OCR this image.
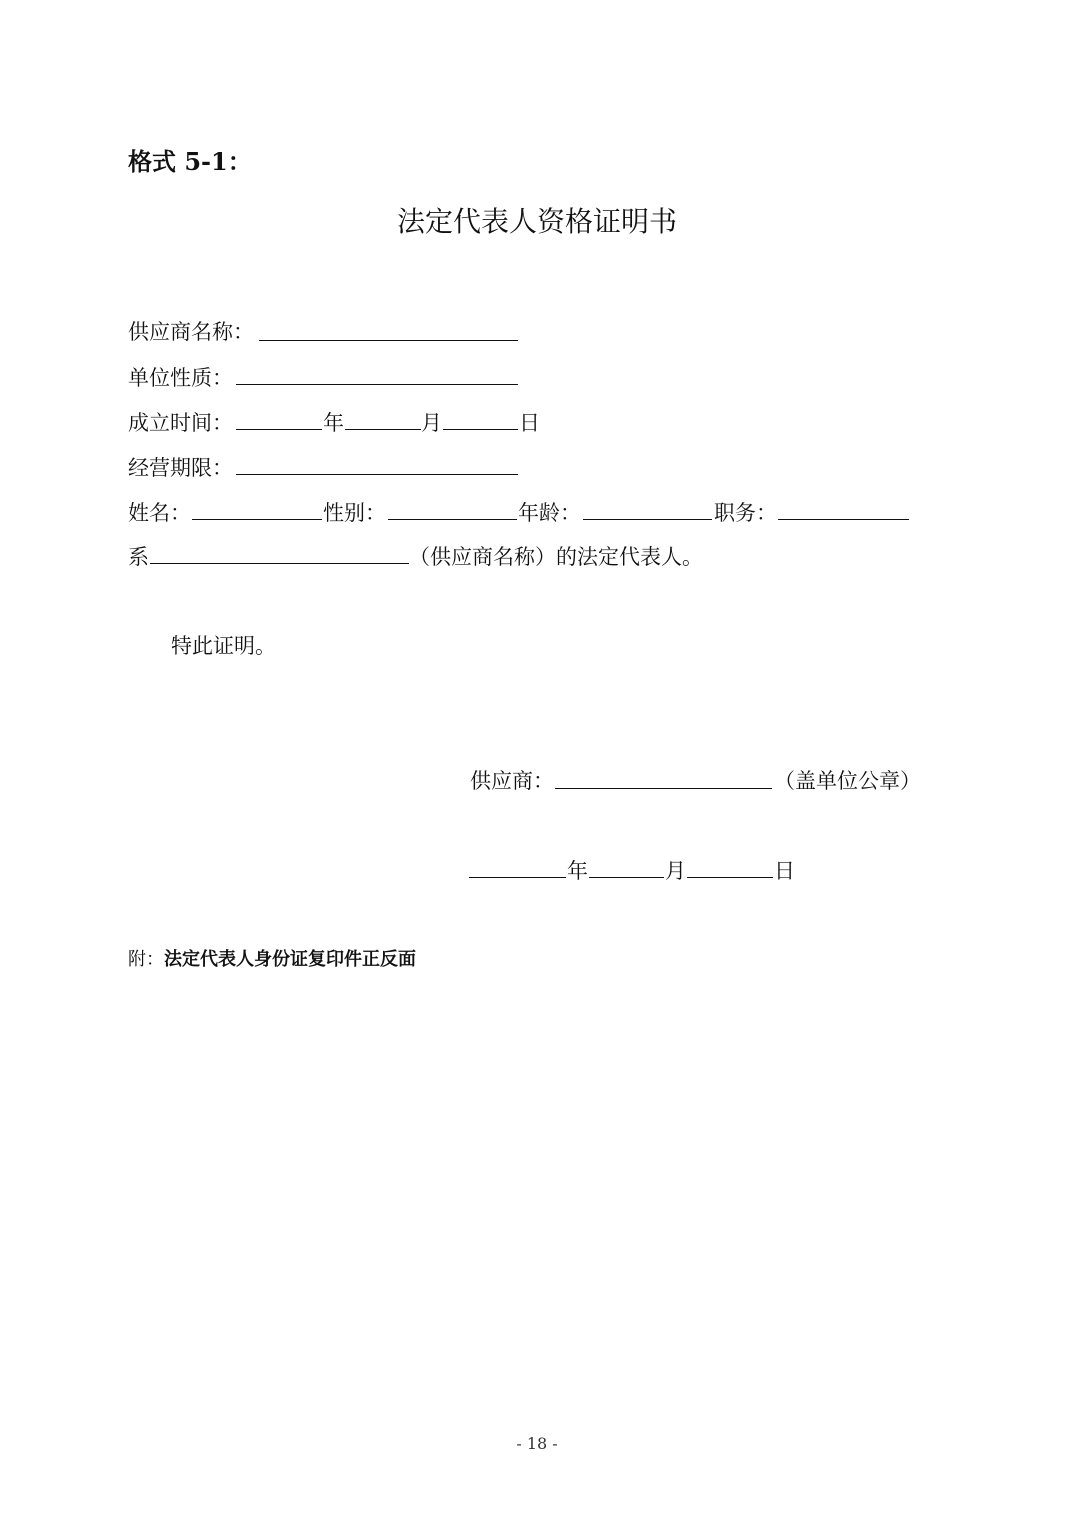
格式 5-1：
法定代表人资格证明书
供应商名称：
单位性质：
成立时间：	年	月	日
经营期限：
姓名：	性别：	年龄：	职务：
系	（供应商名称）的法定代表人。
特此证明。
供应商：	（盖单位公章）
年	月	日
附：法定代表人身份证复印件正反面
- 18 -
